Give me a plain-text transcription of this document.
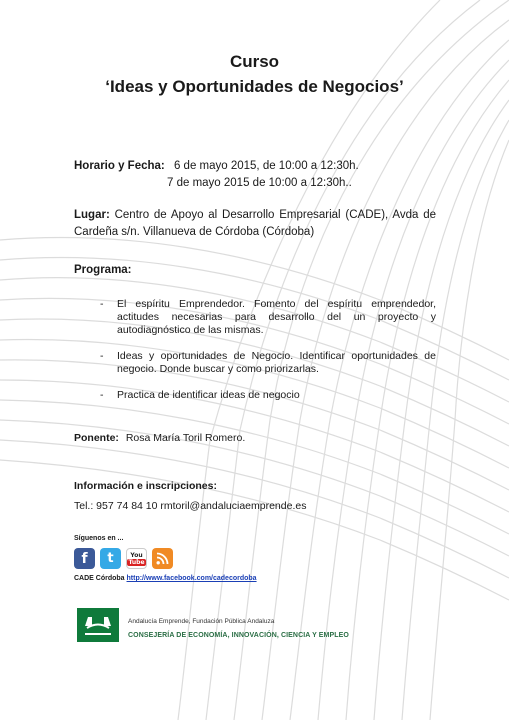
Curso
‘Ideas y Oportunidades de Negocios’
Horario y Fecha: 6 de mayo 2015, de 10:00 a 12:30h.
7 de mayo 2015 de 10:00 a 12:30h..
Lugar: Centro de Apoyo al Desarrollo Empresarial (CADE), Avda de Cardeña s/n. Villanueva de Córdoba (Córdoba)
Programa:
- El espíritu Emprendedor. Fomento del espíritu emprendedor, actitudes necesarias para desarrollo del un proyecto y autodiagnóstico de las mismas.
- Ideas y oportunidades de Negocio. Identificar oportunidades de negocio. Donde buscar y como priorizarlas.
- Practica de identificar ideas de negocio
Ponente: Rosa María Toril Romero.
Información e inscripciones:
Tel.: 957 74 84 10 rmtoril@andaluciaemprende.es
Síguenos en ...
f t	You
Tube
CADE Córdoba http://www.facebook.com/cadecordoba
Andalucía Emprende, Fundación Pública Andaluza
CONSEJERÍA DE ECONOMÍA, INNOVACIÓN, CIENCIA Y EMPLEO
